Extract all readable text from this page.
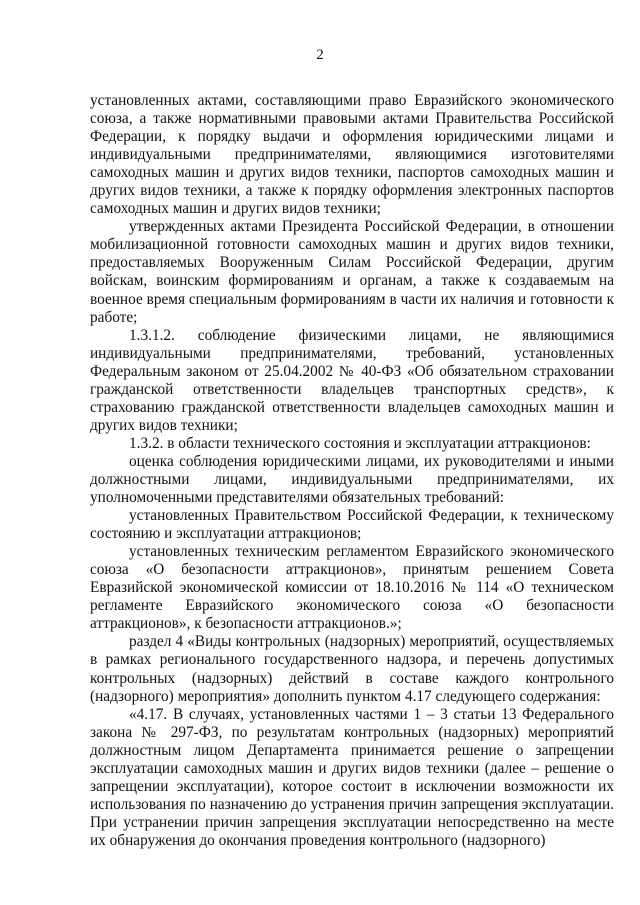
2

установленных актами, составляющими право Евразийского экономического союза, а также нормативными правовыми актами Правительства Российской Федерации, к порядку выдачи и оформления юридическими лицами и индивидуальными предпринимателями, являющимися изготовителями самоходных машин и других видов техники, паспортов самоходных машин и других видов техники, а также к порядку оформления электронных паспортов самоходных машин и других видов техники;

утвержденных актами Президента Российской Федерации, в отношении мобилизационной готовности самоходных машин и других видов техники, предоставляемых Вооруженным Силам Российской Федерации, другим войскам, воинским формированиям и органам, а также к создаваемым на военное время специальным формированиям в части их наличия и готовности к работе;

1.3.1.2. соблюдение физическими лицами, не являющимися индивидуальными предпринимателями, требований, установленных Федеральным законом от 25.04.2002 № 40-ФЗ «Об обязательном страховании гражданской ответственности владельцев транспортных средств», к страхованию гражданской ответственности владельцев самоходных машин и других видов техники;

1.3.2. в области технического состояния и эксплуатации аттракционов:

оценка соблюдения юридическими лицами, их руководителями и иными должностными лицами, индивидуальными предпринимателями, их уполномоченными представителями обязательных требований:

установленных Правительством Российской Федерации, к техническому состоянию и эксплуатации аттракционов;

установленных техническим регламентом Евразийского экономического союза «О безопасности аттракционов», принятым решением Совета Евразийской экономической комиссии от 18.10.2016 № 114 «О техническом регламенте Евразийского экономического союза «О безопасности аттракционов», к безопасности аттракционов.»;

раздел 4 «Виды контрольных (надзорных) мероприятий, осуществляемых в рамках регионального государственного надзора, и перечень допустимых контрольных (надзорных) действий в составе каждого контрольного (надзорного) мероприятия» дополнить пунктом 4.17 следующего содержания:

«4.17. В случаях, установленных частями 1 – 3 статьи 13 Федерального закона № 297-ФЗ, по результатам контрольных (надзорных) мероприятий должностным лицом Департамента принимается решение о запрещении эксплуатации самоходных машин и других видов техники (далее – решение о запрещении эксплуатации), которое состоит в исключении возможности их использования по назначению до устранения причин запрещения эксплуатации. При устранении причин запрещения эксплуатации непосредственно на месте их обнаружения до окончания проведения контрольного (надзорного)
